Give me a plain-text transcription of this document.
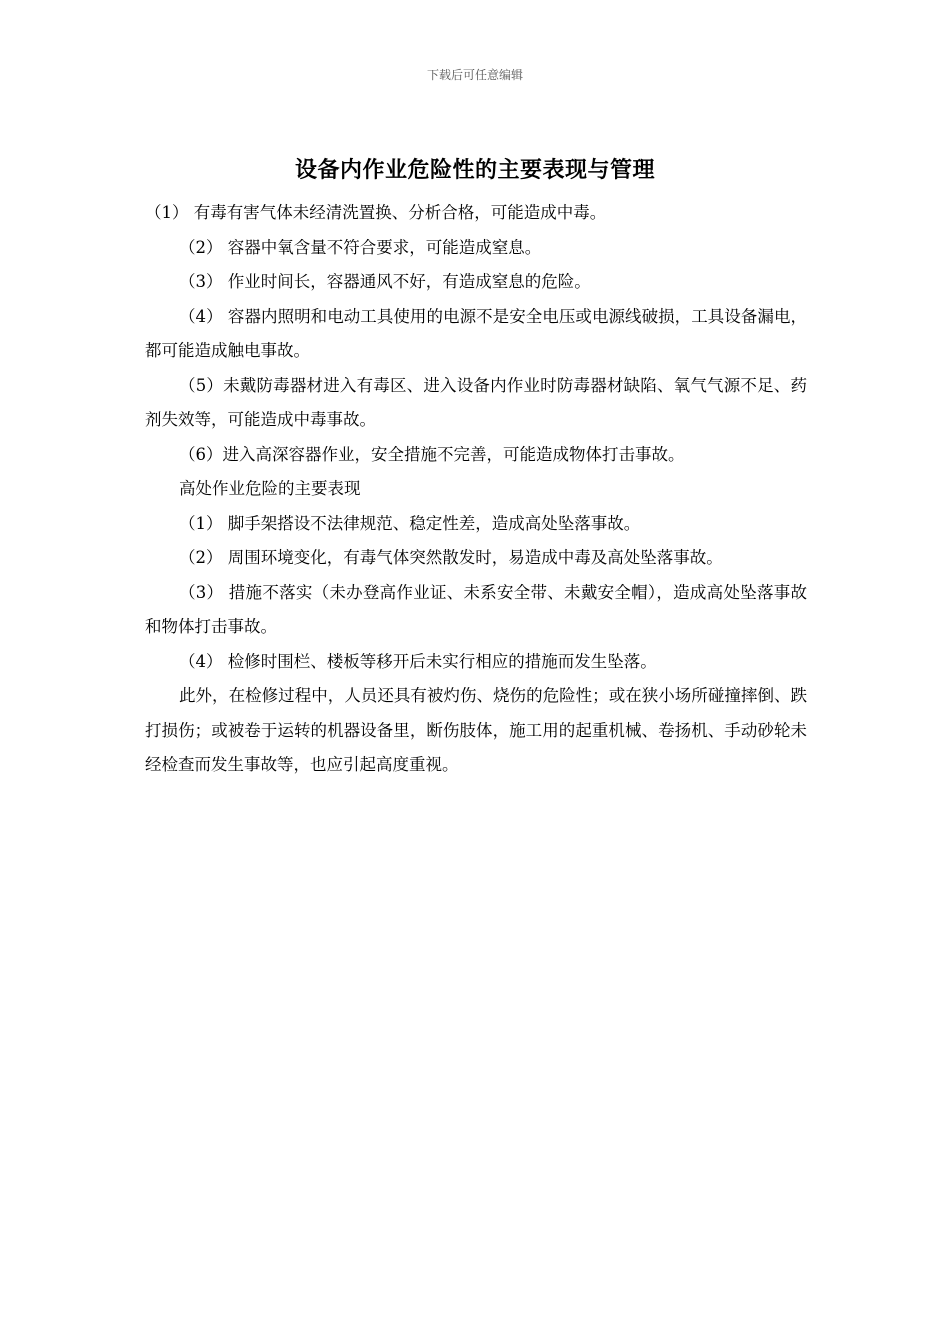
下载后可任意编辑
设备内作业危险性的主要表现与管理

（1） 有毒有害气体未经清洗置换、分析合格，可能造成中毒。

（2） 容器中氧含量不符合要求，可能造成窒息。

（3） 作业时间长，容器通风不好，有造成窒息的危险。

（4） 容器内照明和电动工具使用的电源不是安全电压或电源线破损，工具设备漏电，都可能造成触电事故。

（5）未戴防毒器材进入有毒区、进入设备内作业时防毒器材缺陷、氧气气源不足、药剂失效等，可能造成中毒事故。

（6）进入高深容器作业，安全措施不完善，可能造成物体打击事故。

高处作业危险的主要表现

（1） 脚手架搭设不法律规范、稳定性差，造成高处坠落事故。

（2） 周围环境变化，有毒气体突然散发时，易造成中毒及高处坠落事故。

（3） 措施不落实（未办登高作业证、未系安全带、未戴安全帽），造成高处坠落事故和物体打击事故。

（4） 检修时围栏、楼板等移开后未实行相应的措施而发生坠落。

此外，在检修过程中，人员还具有被灼伤、烧伤的危险性；或在狭小场所碰撞摔倒、跌打损伤；或被卷于运转的机器设备里，断伤肢体，施工用的起重机械、卷扬机、手动砂轮未经检查而发生事故等，也应引起高度重视。
